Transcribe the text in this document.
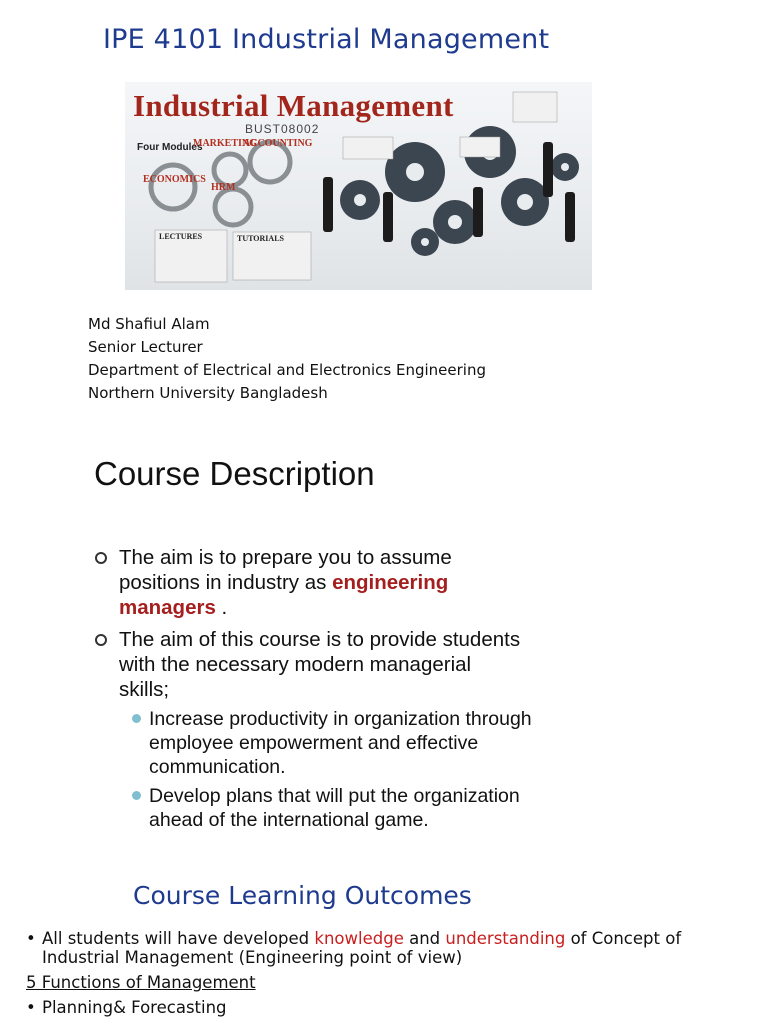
IPE 4101 Industrial Management
Industrial Management
BUST08002
Four Modules
MARKETING
ACCOUNTING
ECONOMICS
HRM
LECTURES	TUTORIALS
Md Shafiul Alam
Senior Lecturer
Department of Electrical and Electronics Engineering
Northern University Bangladesh
Course Description
The aim is to prepare you to assume
positions in industry as engineering
managers .
The aim of this course is to provide students
with the necessary modern managerial
skills;
Increase productivity in organization through
employee empowerment and effective
communication.
Develop plans that will put the organization
ahead of the international game.
Course Learning Outcomes
• All students will have developed knowledge and understanding of Concept of
Industrial Management (Engineering point of view)
5 Functions of Management
• Planning& Forecasting
